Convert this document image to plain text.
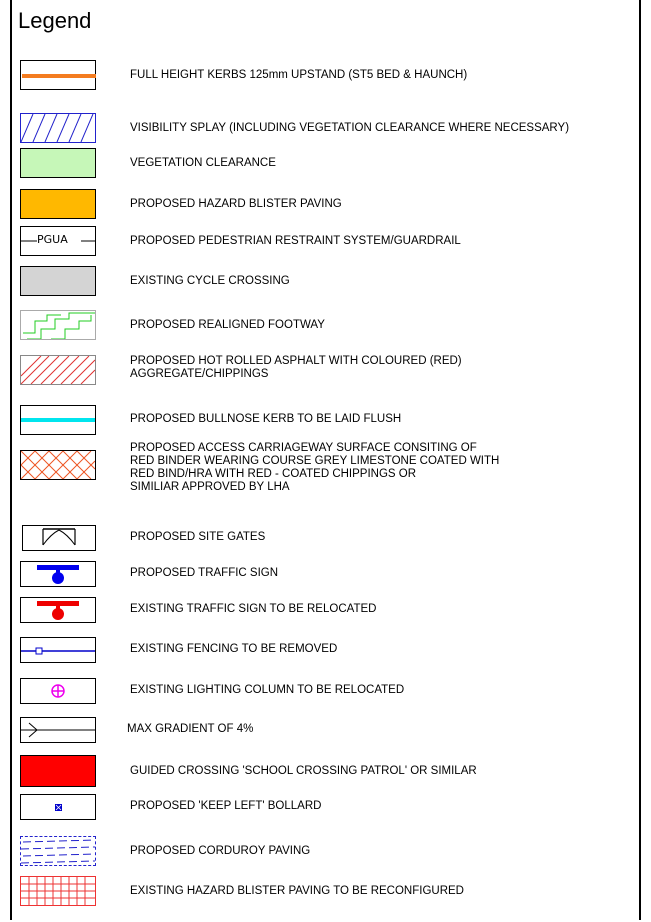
Legend
FULL HEIGHT KERBS 125mm UPSTAND (ST5 BED & HAUNCH)
VISIBILITY SPLAY (INCLUDING VEGETATION CLEARANCE WHERE NECESSARY)
VEGETATION CLEARANCE
PROPOSED HAZARD BLISTER PAVING
PGUA	PROPOSED PEDESTRIAN RESTRAINT SYSTEM/GUARDRAIL
EXISTING CYCLE CROSSING
PROPOSED REALIGNED FOOTWAY
PROPOSED HOT ROLLED ASPHALT WITH COLOURED (RED)
AGGREGATE/CHIPPINGS
PROPOSED BULLNOSE KERB TO BE LAID FLUSH
PROPOSED ACCESS CARRIAGEWAY SURFACE CONSITING OF
RED BINDER WEARING COURSE GREY LIMESTONE COATED WITH
RED BIND/HRA WITH RED - COATED CHIPPINGS OR
SIMILIAR APPROVED BY LHA
PROPOSED SITE GATES
PROPOSED TRAFFIC SIGN
EXISTING TRAFFIC SIGN TO BE RELOCATED
EXISTING FENCING TO BE REMOVED
EXISTING LIGHTING COLUMN TO BE RELOCATED
MAX GRADIENT OF 4%
GUIDED CROSSING 'SCHOOL CROSSING PATROL' OR SIMILAR
PROPOSED 'KEEP LEFT' BOLLARD
PROPOSED CORDUROY PAVING
EXISTING HAZARD BLISTER PAVING TO BE RECONFIGURED
